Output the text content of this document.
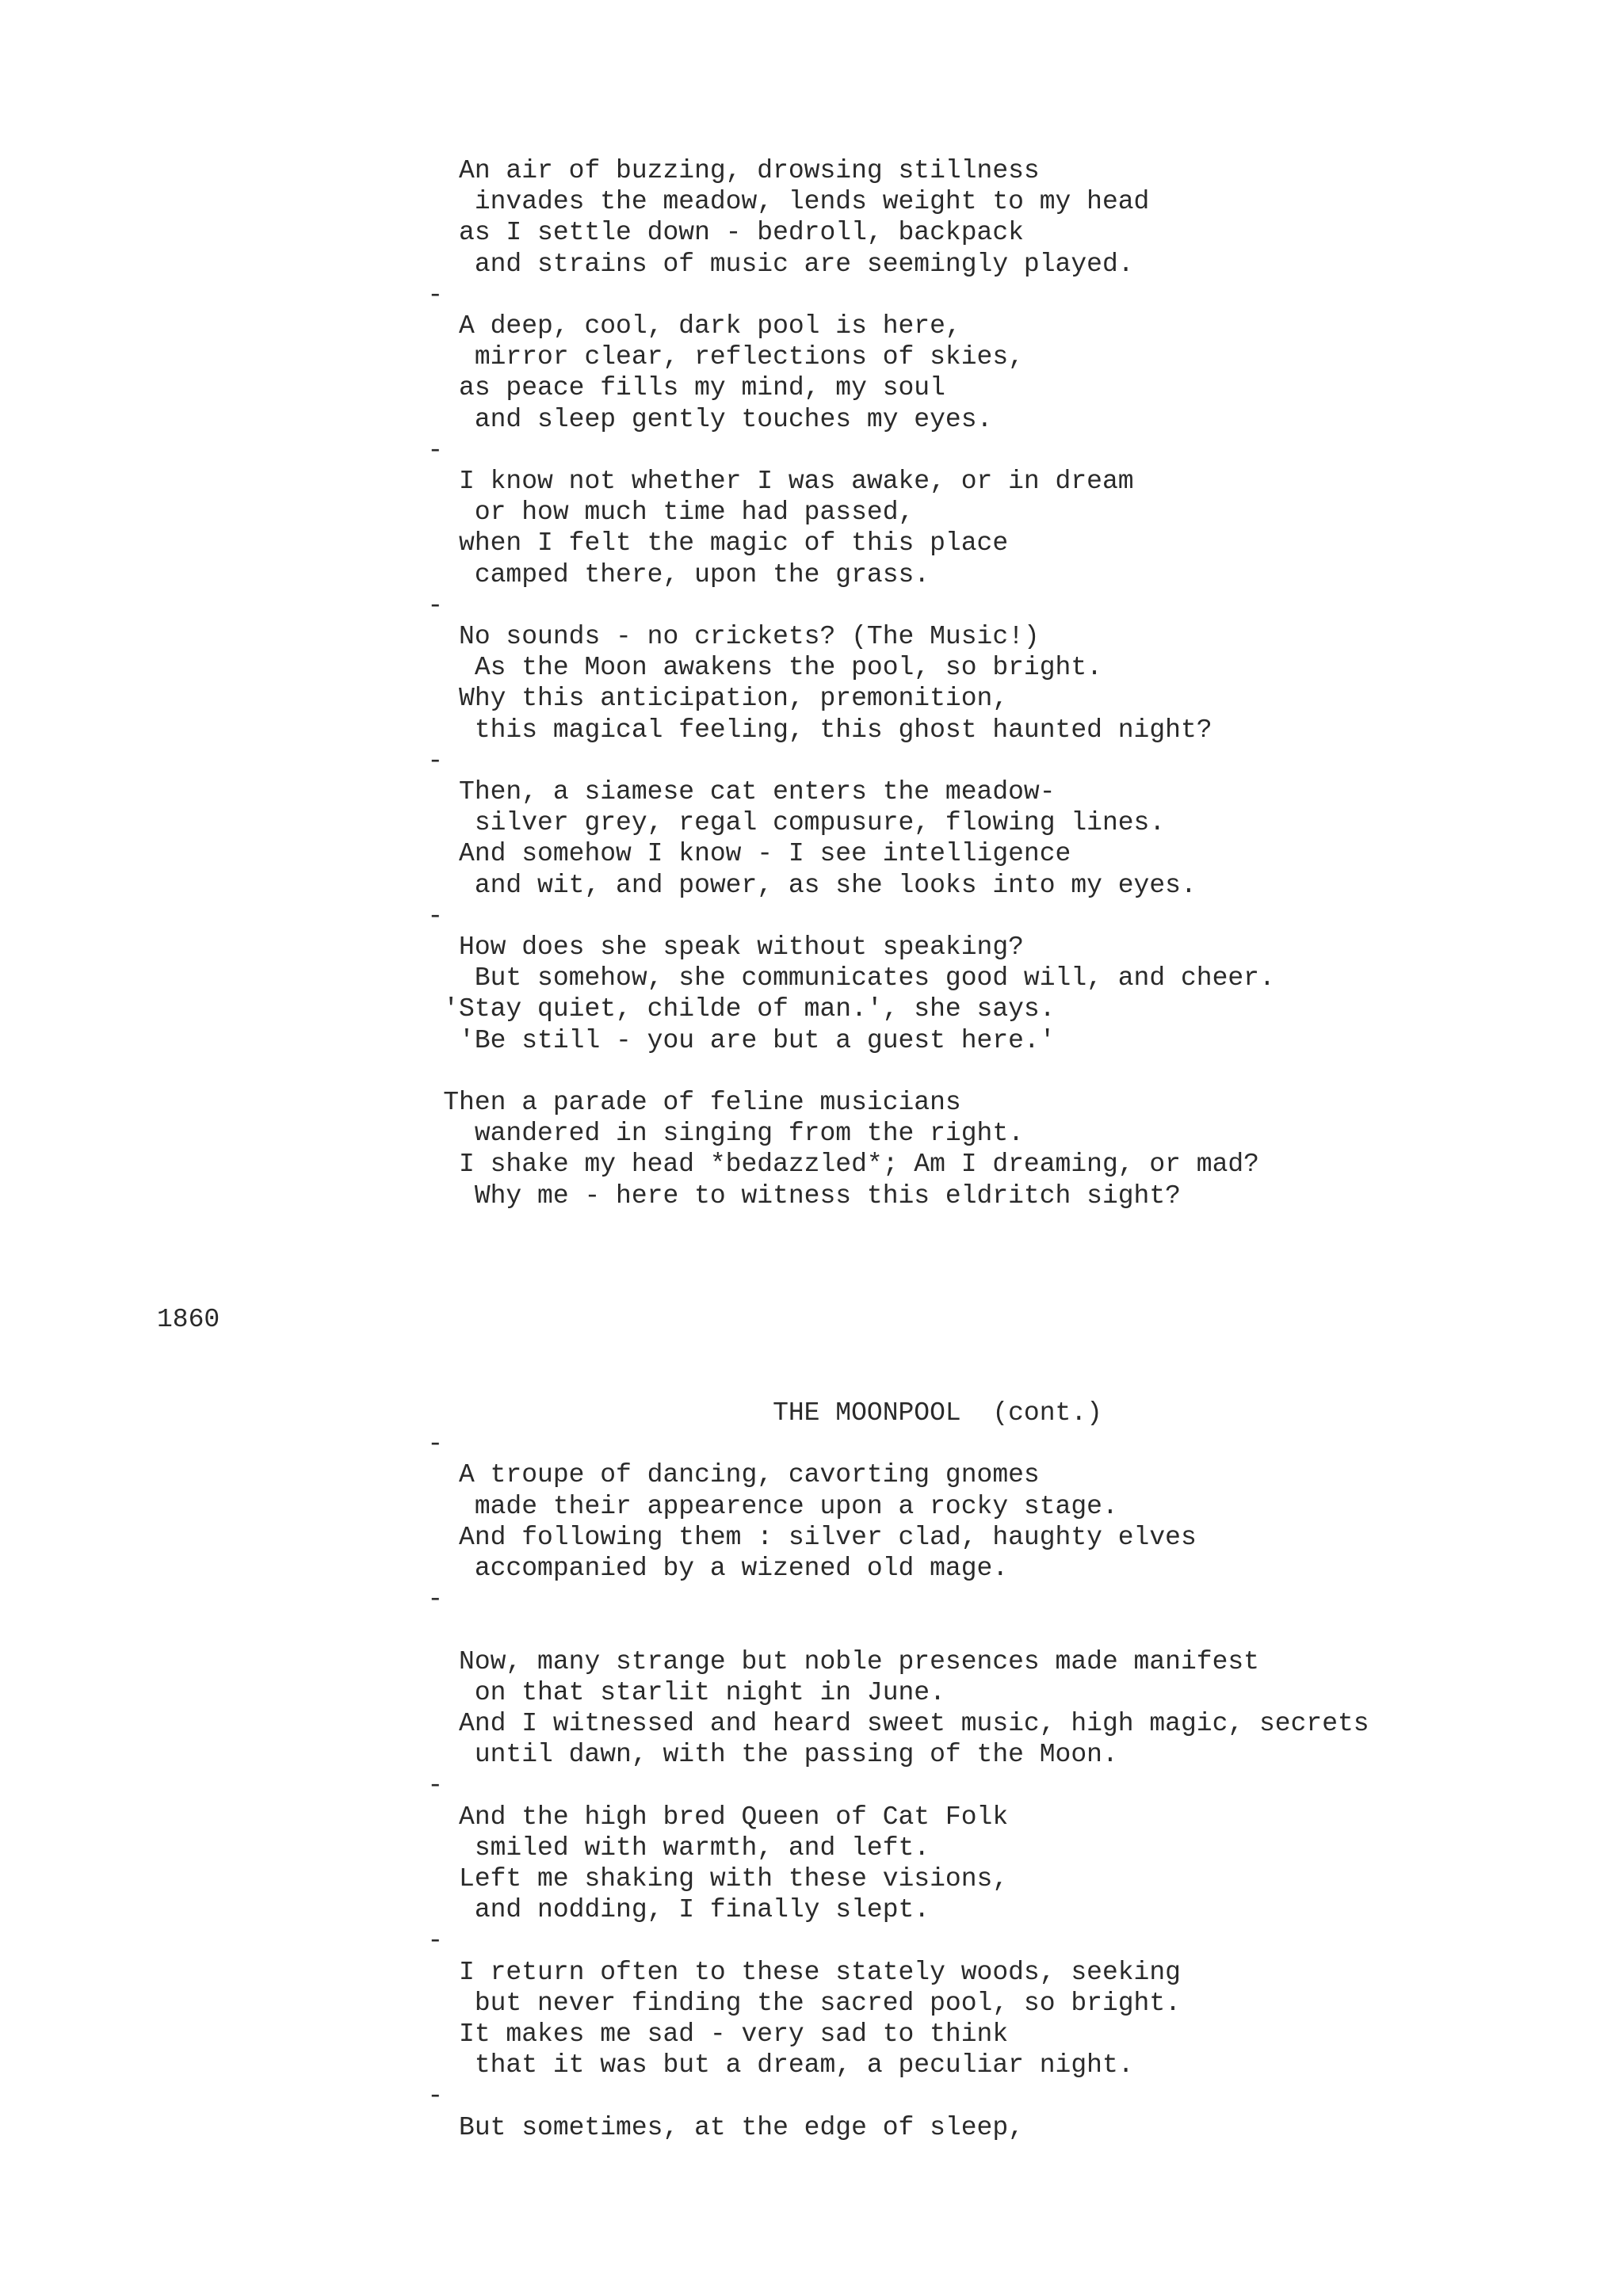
An air of buzzing, drowsing stillness
invades the meadow, lends weight to my head
as I settle down - bedroll, backpack
and strains of music are seemingly played.
-
A deep, cool, dark pool is here,
mirror clear, reflections of skies,
as peace fills my mind, my soul
and sleep gently touches my eyes.
-
I know not whether I was awake, or in dream
or how much time had passed,
when I felt the magic of this place
camped there, upon the grass.
-
No sounds - no crickets? (The Music!)
As the Moon awakens the pool, so bright.
Why this anticipation, premonition,
this magical feeling, this ghost haunted night?
-
Then, a siamese cat enters the meadow-
silver grey, regal compusure, flowing lines.
And somehow I know - I see intelligence
and wit, and power, as she looks into my eyes.
-
How does she speak without speaking?
But somehow, she communicates good will, and cheer.
'Stay quiet, childe of man.', she says.
'Be still - you are but a guest here.'
Then a parade of feline musicians
wandered in singing from the right.
I shake my head *bedazzled*; Am I dreaming, or mad?
Why me - here to witness this eldritch sight?
1860
THE MOONPOOL  (cont.)
-
A troupe of dancing, cavorting gnomes
made their appearence upon a rocky stage.
And following them : silver clad, haughty elves
accompanied by a wizened old mage.
-
Now, many strange but noble presences made manifest
on that starlit night in June.
And I witnessed and heard sweet music, high magic, secrets
until dawn, with the passing of the Moon.
-
And the high bred Queen of Cat Folk
smiled with warmth, and left.
Left me shaking with these visions,
and nodding, I finally slept.
-
I return often to these stately woods, seeking
but never finding the sacred pool, so bright.
It makes me sad - very sad to think
that it was but a dream, a peculiar night.
-
But sometimes, at the edge of sleep,
